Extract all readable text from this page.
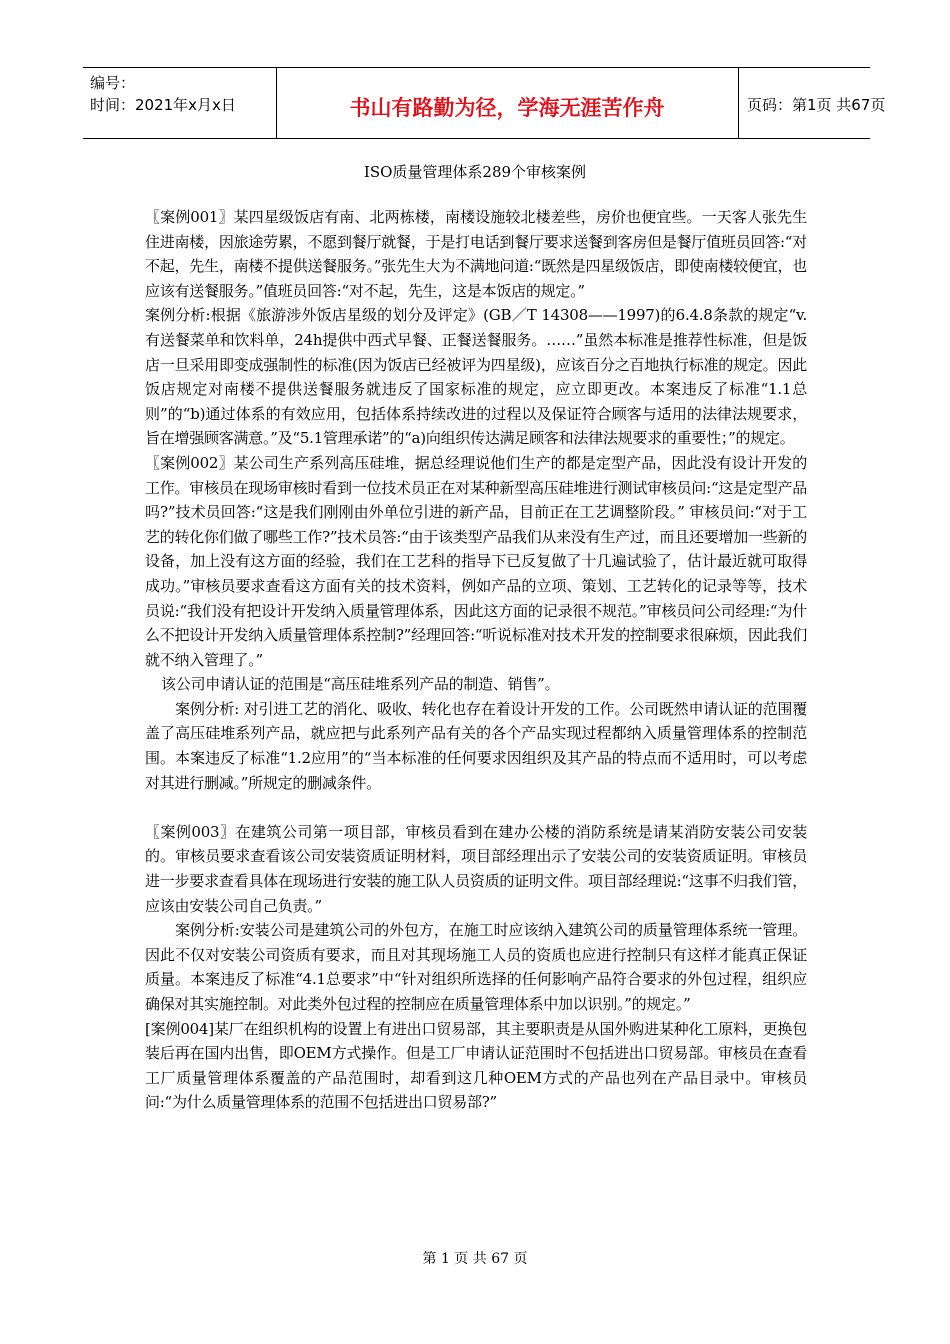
编号：
时间：2021年x月x日	书山有路勤为径，学海无涯苦作舟	页码：第1页 共67页
ISO质量管理体系289个审核案例

〖案例001〗某四星级饭店有南、北两栋楼，南楼设施较北楼差些，房价也便宜些。一天客人张先生住进南楼，因旅途劳累，不愿到餐厅就餐，于是打电话到餐厅要求送餐到客房但是餐厅值班员回答:“对不起，先生，南楼不提供送餐服务。”张先生大为不满地问道:“既然是四星级饭店，即使南楼较便宜，也应该有送餐服务。”值班员回答:“对不起，先生，这是本饭店的规定。”

案例分析:根据《旅游涉外饭店星级的划分及评定》(GB／T 14308——1997)的6.4.8条款的规定“v.有送餐菜单和饮料单，24h提供中西式早餐、正餐送餐服务。……”虽然本标准是推荐性标准，但是饭店一旦采用即变成强制性的标准(因为饭店已经被评为四星级)，应该百分之百地执行标准的规定。因此饭店规定对南楼不提供送餐服务就违反了国家标准的规定，应立即更改。本案违反了标准“1.1总则”的“b)通过体系的有效应用，包括体系持续改进的过程以及保证符合顾客与适用的法律法规要求，旨在增强顾客满意。”及“5.1管理承诺”的“a)向组织传达满足顾客和法律法规要求的重要性；”的规定。

〖案例002〗某公司生产系列高压硅堆，据总经理说他们生产的都是定型产品，因此没有设计开发的工作。审核员在现场审核时看到一位技术员正在对某种新型高压硅堆进行测试审核员问:“这是定型产品吗?”技术员回答:“这是我们刚刚由外单位引进的新产品，目前正在工艺调整阶段。” 审核员问:“对于工艺的转化你们做了哪些工作?”技术员答:“由于该类型产品我们从来没有生产过，而且还要增加一些新的设备，加上没有这方面的经验，我们在工艺科的指导下已反复做了十几遍试验了，估计最近就可取得成功。”审核员要求查看这方面有关的技术资料，例如产品的立项、策划、工艺转化的记录等等，技术员说:“我们没有把设计开发纳入质量管理体系，因此这方面的记录很不规范。”审核员问公司经理:“为什么不把设计开发纳入质量管理体系控制?”经理回答:“听说标准对技术开发的控制要求很麻烦，因此我们就不纳入管理了。”

该公司申请认证的范围是“高压硅堆系列产品的制造、销售”。

案例分析: 对引进工艺的消化、吸收、转化也存在着设计开发的工作。公司既然申请认证的范围覆盖了高压硅堆系列产品，就应把与此系列产品有关的各个产品实现过程都纳入质量管理体系的控制范围。本案违反了标准“1.2应用”的“当本标准的任何要求因组织及其产品的特点而不适用时，可以考虑对其进行删减。”所规定的删减条件。

〖案例003〗在建筑公司第一项目部，审核员看到在建办公楼的消防系统是请某消防安装公司安装的。审核员要求查看该公司安装资质证明材料，项目部经理出示了安装公司的安装资质证明。审核员进一步要求查看具体在现场进行安装的施工队人员资质的证明文件。项目部经理说:“这事不归我们管，应该由安装公司自己负责。”

案例分析:安装公司是建筑公司的外包方，在施工时应该纳入建筑公司的质量管理体系统一管理。因此不仅对安装公司资质有要求，而且对其现场施工人员的资质也应进行控制只有这样才能真正保证质量。本案违反了标准“4.1总要求”中“针对组织所选择的任何影响产品符合要求的外包过程，组织应确保对其实施控制。对此类外包过程的控制应在质量管理体系中加以识别。”的规定。”

[案例004]某厂在组织机构的设置上有进出口贸易部，其主要职责是从国外购进某种化工原料，更换包装后再在国内出售，即OEM方式操作。但是工厂申请认证范围时不包括进出口贸易部。审核员在查看工厂质量管理体系覆盖的产品范围时，却看到这几种OEM方式的产品也列在产品目录中。审核员问:“为什么质量管理体系的范围不包括进出口贸易部?”

第 1 页 共 67 页
